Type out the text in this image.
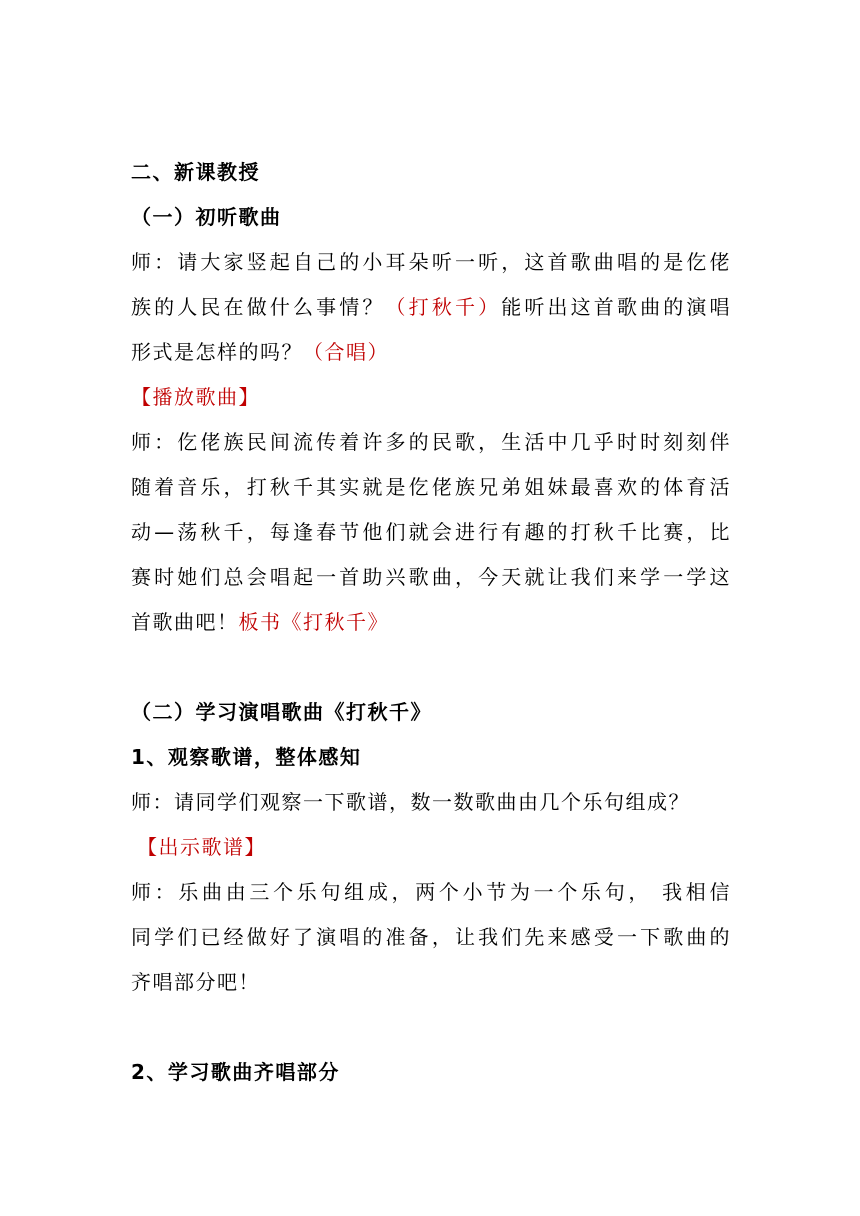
二、新课教授
（一）初听歌曲
师：请大家竖起自己的小耳朵听一听，这首歌曲唱的是仡佬
族的人民在做什么事情？（打秋千）能听出这首歌曲的演唱
形式是怎样的吗？（合唱）
【播放歌曲】
师：仡佬族民间流传着许多的民歌，生活中几乎时时刻刻伴
随着音乐，打秋千其实就是仡佬族兄弟姐妹最喜欢的体育活
动—荡秋千，每逢春节他们就会进行有趣的打秋千比赛，比
赛时她们总会唱起一首助兴歌曲，今天就让我们来学一学这
首歌曲吧！板书《打秋千》
（二）学习演唱歌曲《打秋千》
1、观察歌谱，整体感知
师：请同学们观察一下歌谱，数一数歌曲由几个乐句组成？
【出示歌谱】
师：乐曲由三个乐句组成，两个小节为一个乐句， 我相信
同学们已经做好了演唱的准备，让我们先来感受一下歌曲的
齐唱部分吧！
2、学习歌曲齐唱部分
